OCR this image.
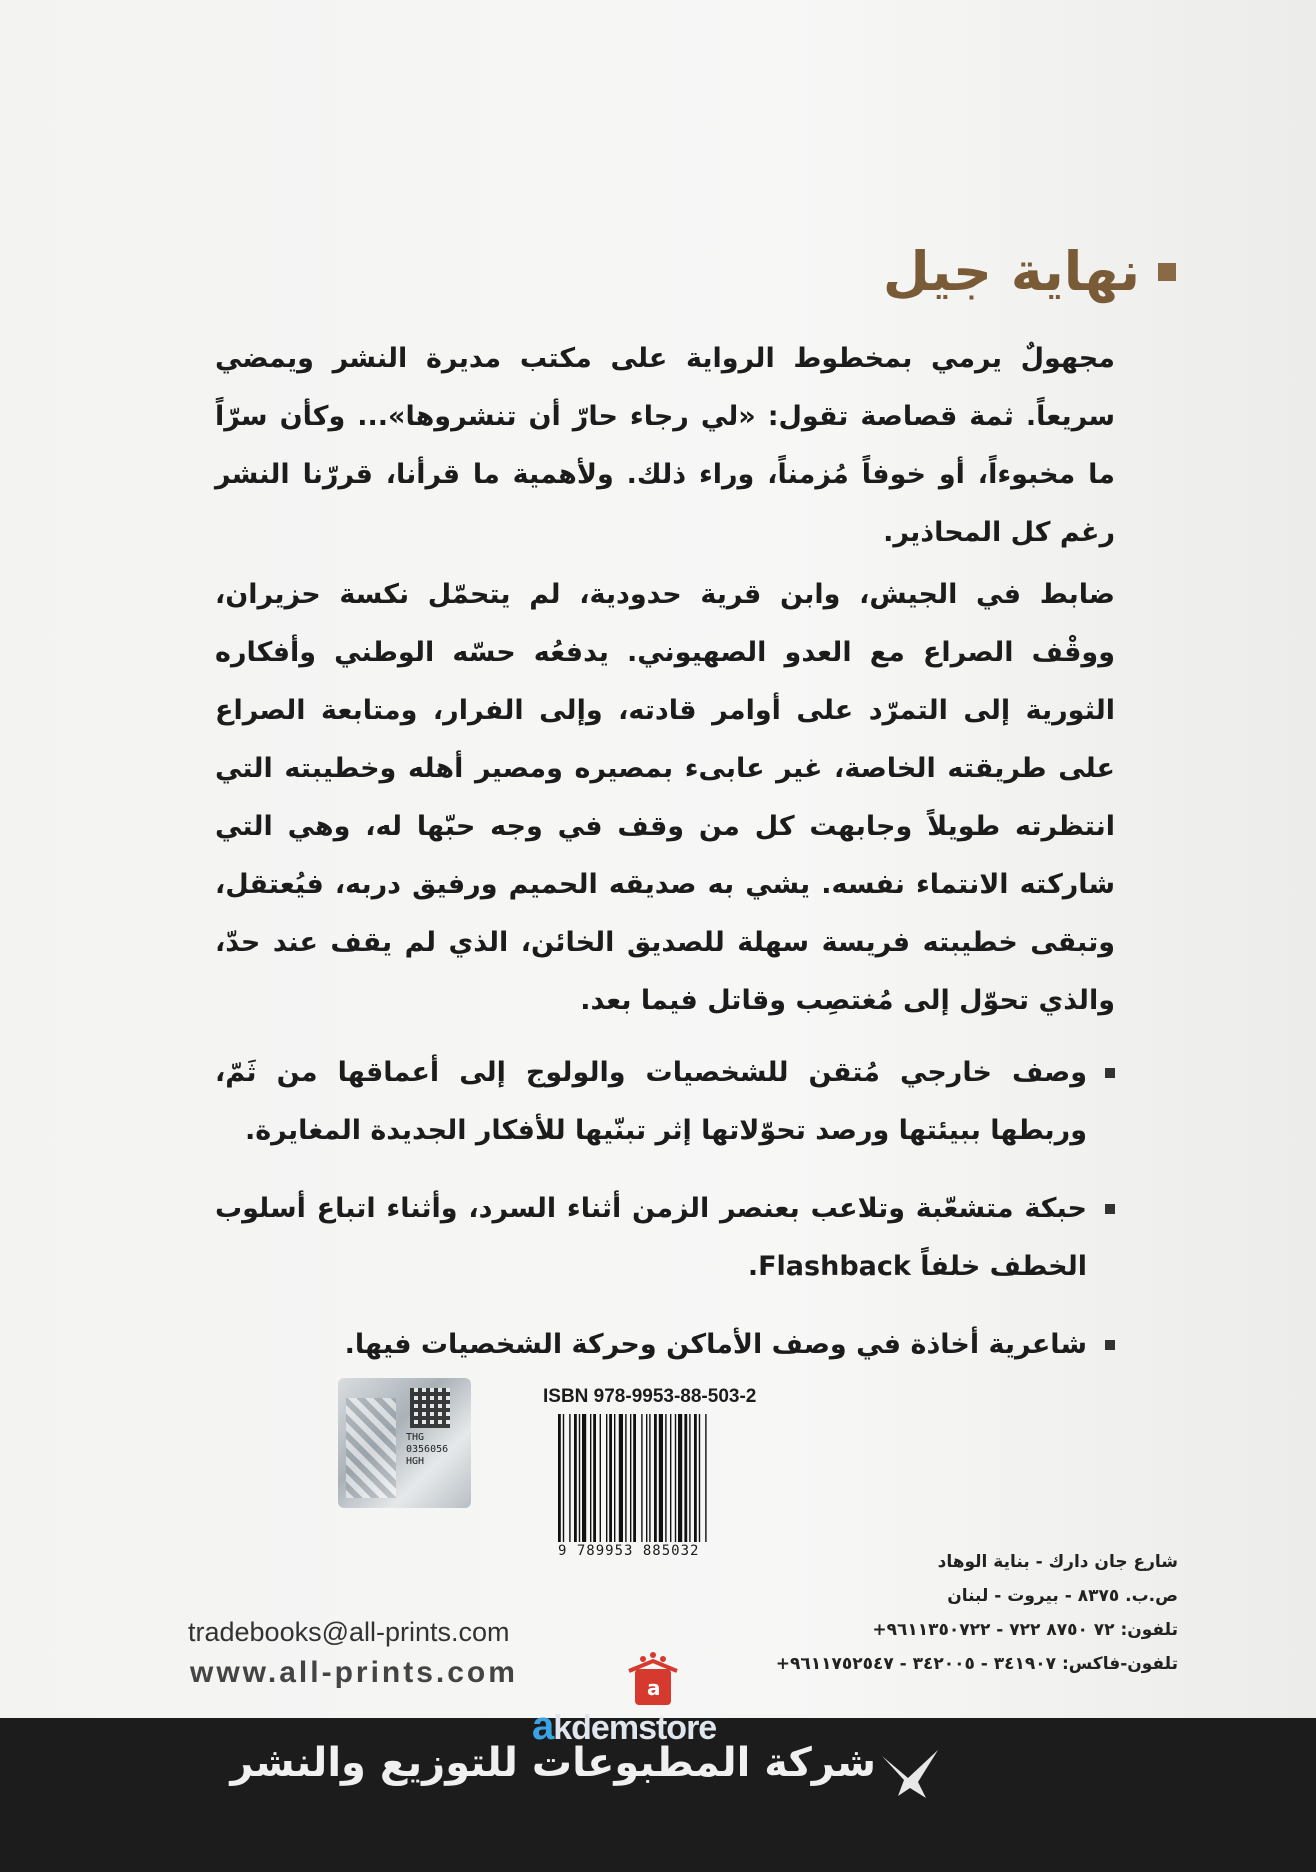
نهاية جيل

مجهولٌ يرمي بمخطوط الرواية على مكتب مديرة النشر ويمضي سريعاً. ثمة قصاصة تقول: «لي رجاء حارّ أن تنشروها»... وكأن سرّاً ما مخبوءاً، أو خوفاً مُزمناً، وراء ذلك. ولأهمية ما قرأنا، قررّنا النشر رغم كل المحاذير.

ضابط في الجيش، وابن قرية حدودية، لم يتحمّل نكسة حزيران، ووقْف الصراع مع العدو الصهيوني. يدفعُه حسّه الوطني وأفكاره الثورية إلى التمرّد على أوامر قادته، وإلى الفرار، ومتابعة الصراع على طريقته الخاصة، غير عابىء بمصيره ومصير أهله وخطيبته التي انتظرته طويلاً وجابهت كل من وقف في وجه حبّها له، وهي التي شاركته الانتماء نفسه. يشي به صديقه الحميم ورفيق دربه، فيُعتقل، وتبقى خطيبته فريسة سهلة للصديق الخائن، الذي لم يقف عند حدّ، والذي تحوّل إلى مُغتصِب وقاتل فيما بعد.

وصف خارجي مُتقن للشخصيات والولوج إلى أعماقها من ثَمّ، وربطها ببيئتها ورصد تحوّلاتها إثر تبنّيها للأفكار الجديدة المغايرة.
حبكة متشعّبة وتلاعب بعنصر الزمن أثناء السرد، وأثناء اتباع أسلوب الخطف خلفاً Flashback.
شاعرية أخاذة في وصف الأماكن وحركة الشخصيات فيها.
THG
0356056
HGH
ISBN 978-9953-88-503-2
9 789953 885032
شارع جان دارك - بناية الوهاد
ص.ب. ٨٣٧٥ - بيروت - لبنان
تلفون: ٧٢ ٨٧٥٠ ٧٢٢ - ٩٦١١٣٥٠٧٢٢+
تلفون-فاكس: ٣٤١٩٠٧ - ٣٤٢٠٠٥ - ٩٦١١٧٥٢٥٤٧+
tradebooks@all-prints.com
www.all-prints.com	a
akdemstore
شركة المطبوعات للتوزيع والنشر
